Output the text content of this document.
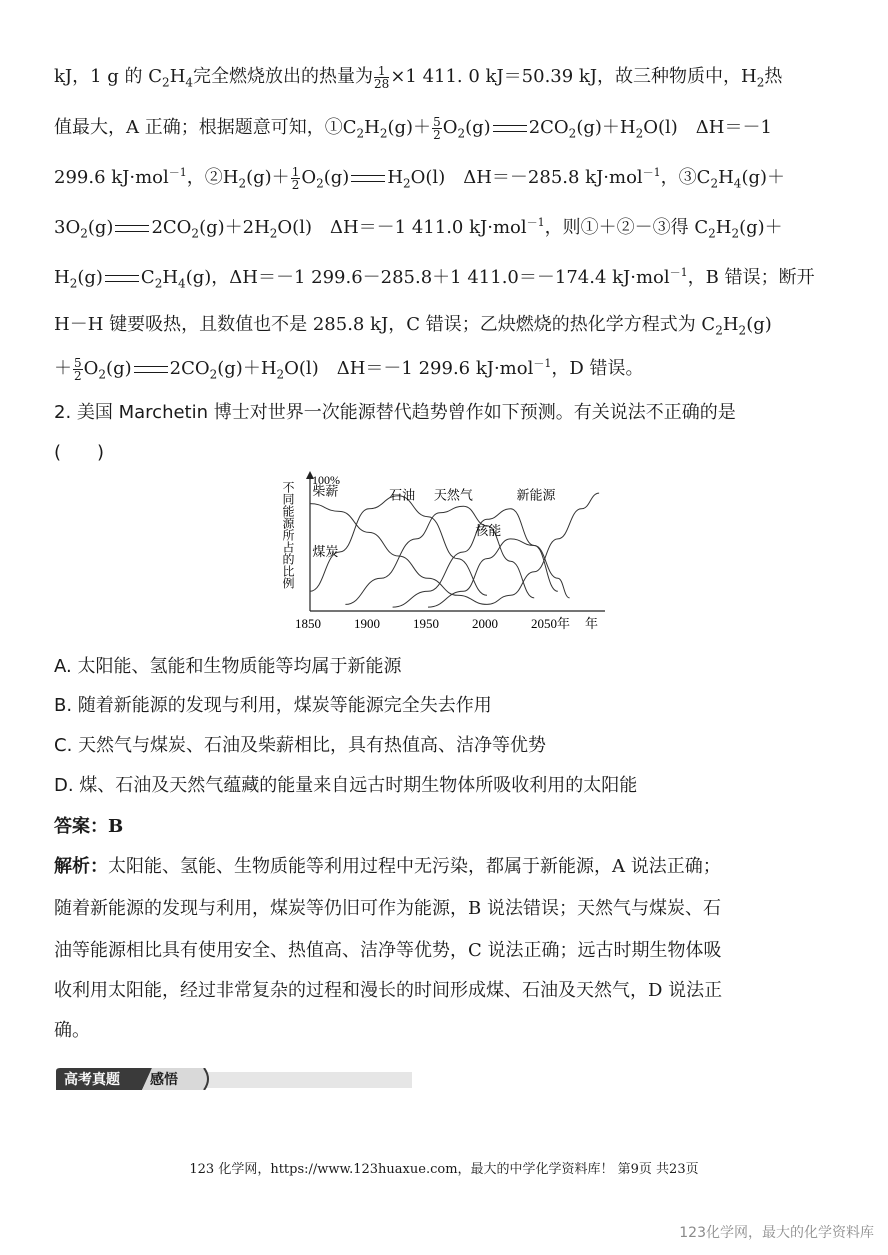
kJ，1 g 的 $C_2H_4$完全燃烧放出的热量为 $\frac{1}{28} \times 1$ 411. 0 kJ＝50.39 kJ，故三种物质中，$H_2$热
值最大，A 正确；根据题意可知，$①C_2H_2(g)+ \frac{5}{2} O_2(g)$ $2CO_2(g)+H_2O(l)$　ΔH＝－1
299.6 kJ·mol$^{-1}$，$②H_2(g)+ \frac{1}{2} O_2(g)$ $H_2O(l)$　ΔH＝－285.8 kJ·mol$^{-1}$，$③C_2H_4(g)+$
$3O_2(g)$ $2CO_2(g)+2H_2O(l)$　ΔH＝－1 411.0 kJ·mol$^{-1}$，则①＋②－③得 $C_2H_2(g)+$
$H_2(g)$ $C_2H_4(g)$，ΔH＝－1 299.6－285.8＋1 411.0＝－174.4 kJ·mol$^{-1}$，B 错误；断开
H－H 键要吸热，且数值也不是 285.8 kJ，C 错误；乙炔燃烧的热化学方程式为 $C_2H_2(g)$
＋ $\frac{5}{2} O_2(g)$ $2CO_2(g)+H_2O(l)$　ΔH＝－1 299.6 kJ·mol$^{-1}$，D 错误。
2. 美国 Marchetin 博士对世界一次能源替代趋势曾作如下预测。有关说法不正确的是
(　　)
100%
不同能源所占的比例 柴薪
煤炭
石油 天然气
核能
新能源
1850	1900	1950	2000	2050年 年
A. 太阳能、氢能和生物质能等均属于新能源
B. 随着新能源的发现与利用，煤炭等能源完全失去作用
C. 天然气与煤炭、石油及柴薪相比，具有热值高、洁净等优势
D. 煤、石油及天然气蕴藏的能量来自远古时期生物体所吸收利用的太阳能
答案：B
解析：太阳能、氢能、生物质能等利用过程中无污染，都属于新能源，A 说法正确；
随着新能源的发现与利用，煤炭等仍旧可作为能源，B 说法错误；天然气与煤炭、石
油等能源相比具有使用安全、热值高、洁净等优势，C 说法正确；远古时期生物体吸
收利用太阳能，经过非常复杂的过程和漫长的时间形成煤、石油及天然气，D 说法正
确。
高考真题 感悟
123 化学网，https://www.123huaxue.com，最大的中学化学资料库！ 第9页 共23页
123化学网，最大的化学资料库
